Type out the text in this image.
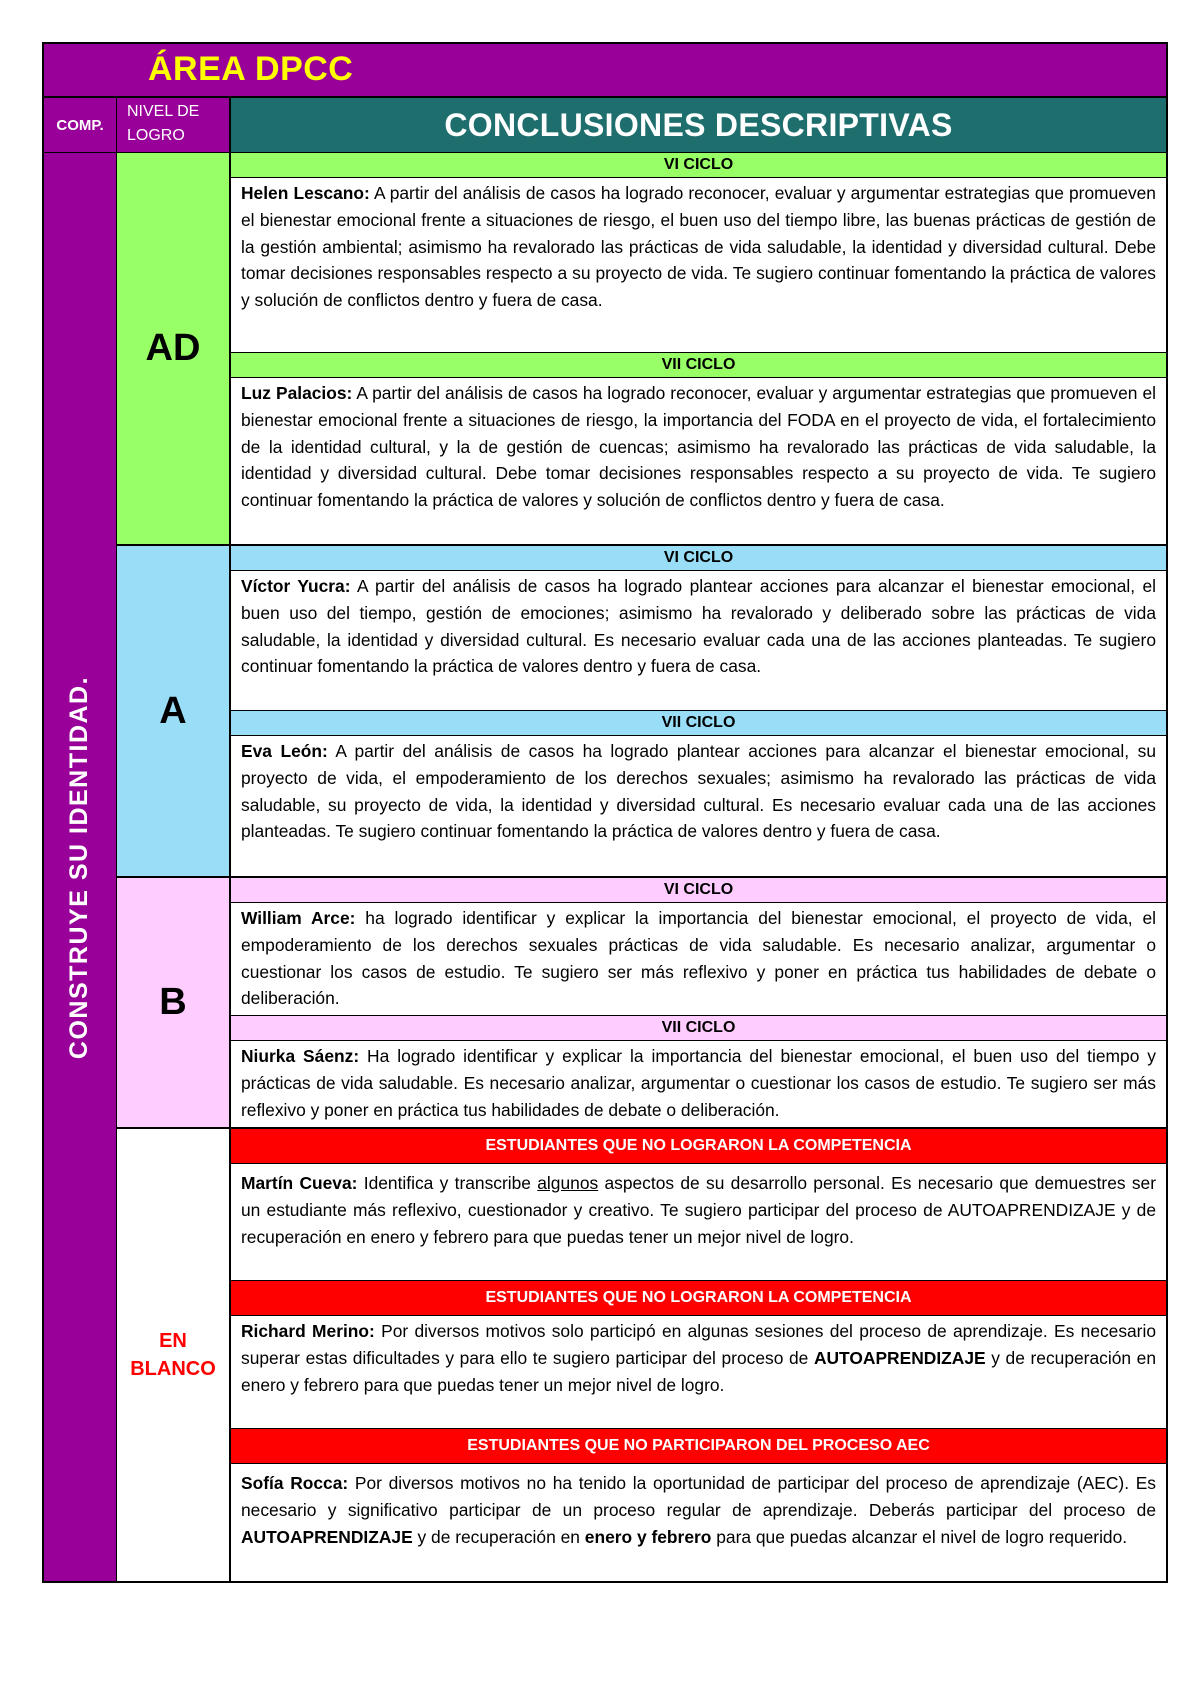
ÁREA DPCC
COMP.
NIVEL DE LOGRO	CONCLUSIONES DESCRIPTIVAS
CONSTRUYE SU IDENTIDAD.
AD
VI CICLO
Helen Lescano: A partir del análisis de casos ha logrado reconocer, evaluar y argumentar estrategias que promueven el bienestar emocional frente a situaciones de riesgo, el buen uso del tiempo libre, las buenas prácticas de gestión de la gestión ambiental; asimismo ha revalorado las prácticas de vida saludable, la identidad y diversidad cultural. Debe tomar decisiones responsables respecto a su proyecto de vida. Te sugiero continuar fomentando la práctica de valores y solución de conflictos dentro y fuera de casa.
VII CICLO
Luz Palacios: A partir del análisis de casos ha logrado reconocer, evaluar y argumentar estrategias que promueven el bienestar emocional frente a situaciones de riesgo, la importancia del FODA en el proyecto de vida, el fortalecimiento de la identidad cultural, y la de gestión de cuencas; asimismo ha revalorado las prácticas de vida saludable, la identidad y diversidad cultural. Debe tomar decisiones responsables respecto a su proyecto de vida. Te sugiero continuar fomentando la práctica de valores y solución de conflictos dentro y fuera de casa.
A
VI CICLO
Víctor Yucra: A partir del análisis de casos ha logrado plantear acciones para alcanzar el bienestar emocional, el buen uso del tiempo, gestión de emociones; asimismo ha revalorado y deliberado sobre las prácticas de vida saludable, la identidad y diversidad cultural. Es necesario evaluar cada una de las acciones planteadas. Te sugiero continuar fomentando la práctica de valores dentro y fuera de casa.
VII CICLO
Eva León: A partir del análisis de casos ha logrado plantear acciones para alcanzar el bienestar emocional, su proyecto de vida, el empoderamiento de los derechos sexuales; asimismo ha revalorado las prácticas de vida saludable, su proyecto de vida, la identidad y diversidad cultural. Es necesario evaluar cada una de las acciones planteadas. Te sugiero continuar fomentando la práctica de valores dentro y fuera de casa.
B
VI CICLO
William Arce: ha logrado identificar y explicar la importancia del bienestar emocional, el proyecto de vida, el empoderamiento de los derechos sexuales prácticas de vida saludable. Es necesario analizar, argumentar o cuestionar los casos de estudio. Te sugiero ser más reflexivo y poner en práctica tus habilidades de debate o deliberación.
VII CICLO
Niurka Sáenz: Ha logrado identificar y explicar la importancia del bienestar emocional, el buen uso del tiempo y prácticas de vida saludable. Es necesario analizar, argumentar o cuestionar los casos de estudio. Te sugiero ser más reflexivo y poner en práctica tus habilidades de debate o deliberación.
EN BLANCO
ESTUDIANTES QUE NO LOGRARON LA COMPETENCIA
Martín Cueva: Identifica y transcribe algunos aspectos de su desarrollo personal. Es necesario que demuestres ser un estudiante más reflexivo, cuestionador y creativo. Te sugiero participar del proceso de AUTOAPRENDIZAJE y de recuperación en enero y febrero para que puedas tener un mejor nivel de logro.
ESTUDIANTES QUE NO LOGRARON LA COMPETENCIA
Richard Merino: Por diversos motivos solo participó en algunas sesiones del proceso de aprendizaje. Es necesario superar estas dificultades y para ello te sugiero participar del proceso de AUTOAPRENDIZAJE y de recuperación en enero y febrero para que puedas tener un mejor nivel de logro.
ESTUDIANTES QUE NO PARTICIPARON DEL PROCESO AEC
Sofía Rocca: Por diversos motivos no ha tenido la oportunidad de participar del proceso de aprendizaje (AEC). Es necesario y significativo participar de un proceso regular de aprendizaje. Deberás participar del proceso de AUTOAPRENDIZAJE y de recuperación en enero y febrero para que puedas alcanzar el nivel de logro requerido.
